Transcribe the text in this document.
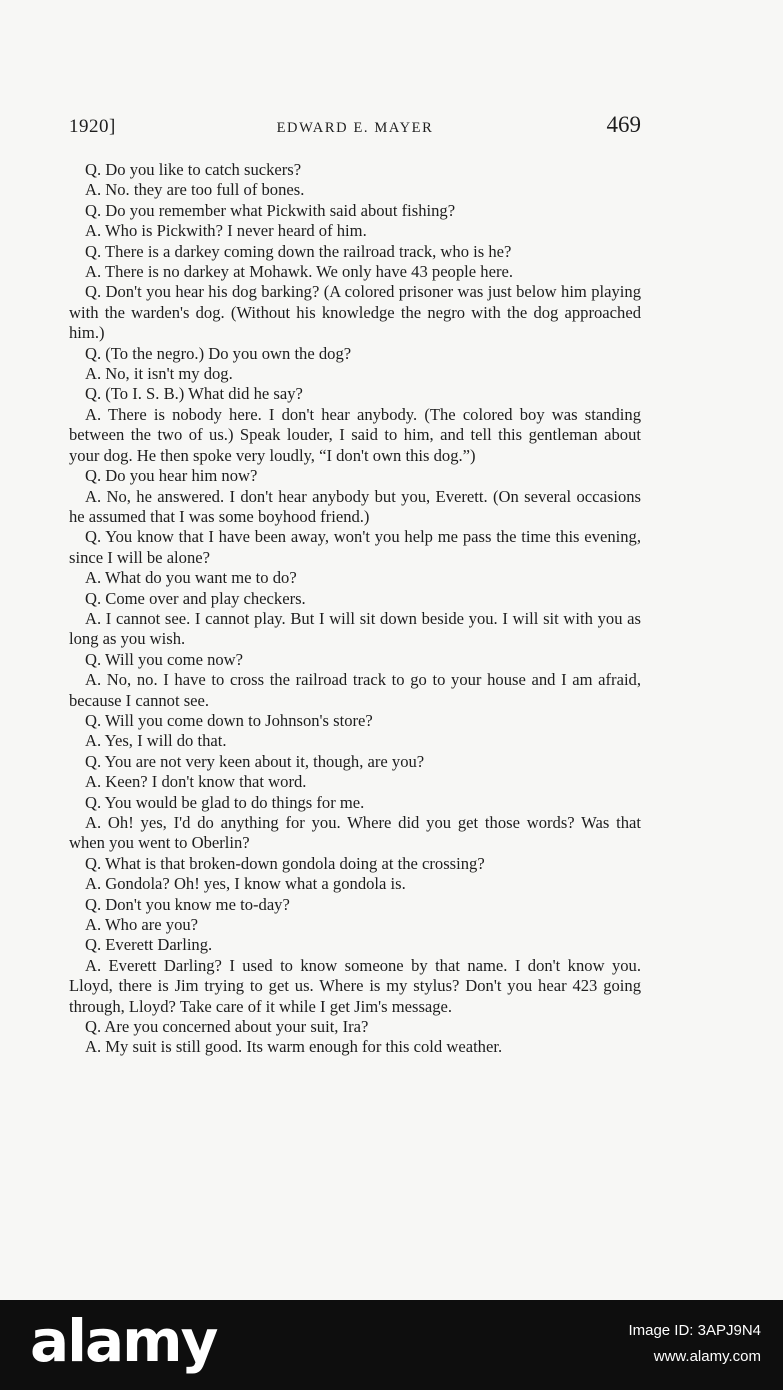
1920]	EDWARD E. MAYER	469

Q. Do you like to catch suckers?

A. No. they are too full of bones.

Q. Do you remember what Pickwith said about fishing?

A. Who is Pickwith? I never heard of him.

Q. There is a darkey coming down the railroad track, who is he?

A. There is no darkey at Mohawk. We only have 43 people here.

Q. Don't you hear his dog barking? (A colored prisoner was just below him playing with the warden's dog. (Without his knowledge the negro with the dog approached him.)

Q. (To the negro.) Do you own the dog?

A. No, it isn't my dog.

Q. (To I. S. B.) What did he say?

A. There is nobody here. I don't hear anybody. (The colored boy was standing between the two of us.) Speak louder, I said to him, and tell this gentleman about your dog. He then spoke very loudly, “I don't own this dog.”)

Q. Do you hear him now?

A. No, he answered. I don't hear anybody but you, Everett. (On several occasions he assumed that I was some boyhood friend.)

Q. You know that I have been away, won't you help me pass the time this evening, since I will be alone?

A. What do you want me to do?

Q. Come over and play checkers.

A. I cannot see. I cannot play. But I will sit down beside you. I will sit with you as long as you wish.

Q. Will you come now?

A. No, no. I have to cross the railroad track to go to your house and I am afraid, because I cannot see.

Q. Will you come down to Johnson's store?

A. Yes, I will do that.

Q. You are not very keen about it, though, are you?

A. Keen? I don't know that word.

Q. You would be glad to do things for me.

A. Oh! yes, I'd do anything for you. Where did you get those words? Was that when you went to Oberlin?

Q. What is that broken-down gondola doing at the crossing?

A. Gondola? Oh! yes, I know what a gondola is.

Q. Don't you know me to-day?

A. Who are you?

Q. Everett Darling.

A. Everett Darling? I used to know someone by that name. I don't know you. Lloyd, there is Jim trying to get us. Where is my stylus? Don't you hear 423 going through, Lloyd? Take care of it while I get Jim's message.

Q. Are you concerned about your suit, Ira?

A. My suit is still good. Its warm enough for this cold weather.

alamy	Image ID: 3APJ9N4
www.alamy.com
